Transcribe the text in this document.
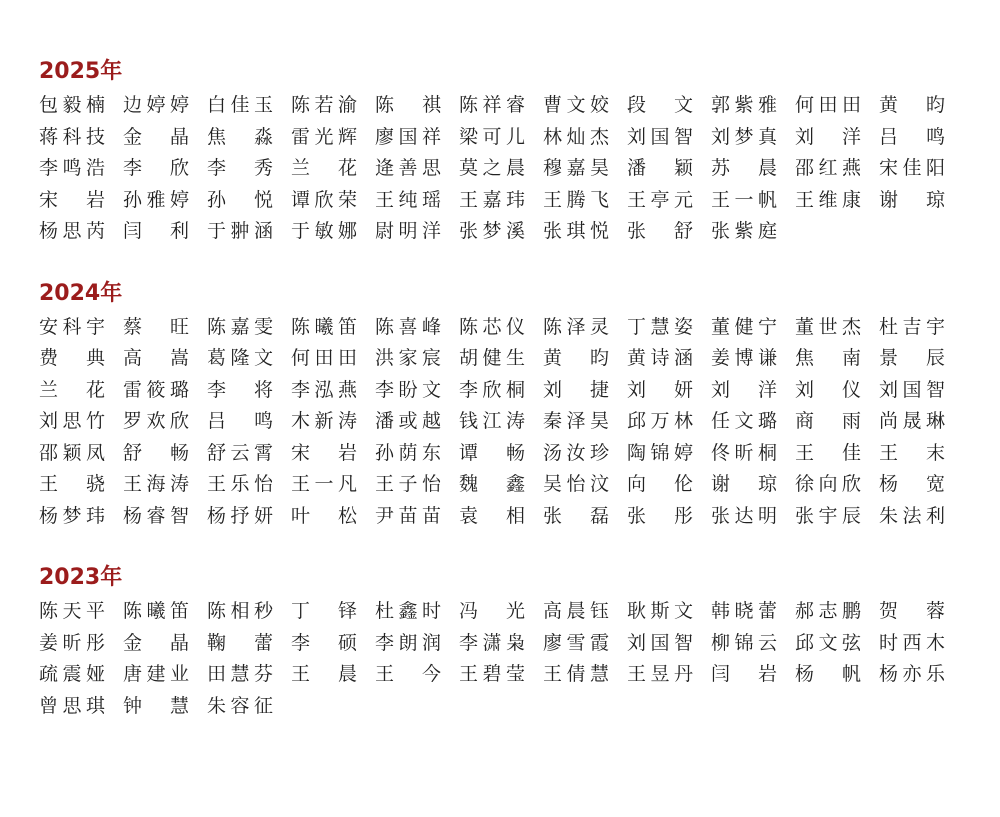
2025年
包毅楠 边婷婷 白佳玉 陈若渝 陈 祺 陈祥睿 曹文姣 段 文 郭紫雅 何田田 黄 昀
蒋科技 金 晶 焦 淼 雷光辉 廖国祥 梁可儿 林灿杰 刘国智 刘梦真 刘 洋 吕 鸣
李鸣浩 李 欣 李 秀 兰 花 逄善思 莫之晨 穆嘉昊 潘 颖 苏 晨 邵红燕 宋佳阳
宋 岩 孙雅婷 孙 悦 谭欣荣 王纯瑶 王嘉玮 王腾飞 王亭元 王一帆 王维康 谢 琼
杨思芮 闫 利 于翀涵 于敏娜 尉明洋 张梦溪 张琪悦 张 舒 张紫庭
2024年
安科宇 蔡 旺 陈嘉雯 陈曦笛 陈喜峰 陈芯仪 陈泽灵 丁慧姿 董健宁 董世杰 杜吉宇
费 典 高 嵩 葛隆文 何田田 洪家宸 胡健生 黄 昀 黄诗涵 姜博谦 焦 南 景 辰
兰 花 雷筱璐 李 将 李泓燕 李盼文 李欣桐 刘 捷 刘 妍 刘 洋 刘 仪 刘国智
刘思竹 罗欢欣 吕 鸣 木新涛 潘或越 钱江涛 秦泽昊 邱万林 任文璐 商 雨 尚晟琳
邵颖凤 舒 畅 舒云霄 宋 岩 孙荫东 谭 畅 汤汝珍 陶锦婷 佟昕桐 王 佳 王 末
王 骁 王海涛 王乐怡 王一凡 王子怡 魏 鑫 吴怡汶 向 伦 谢 琼 徐向欣 杨 宽
杨梦玮 杨睿智 杨抒妍 叶 松 尹苗苗 袁 相 张 磊 张 彤 张达明 张宇辰 朱法利
2023年
陈天平 陈曦笛 陈相秒 丁 铎 杜鑫时 冯 光 高晨钰 耿斯文 韩晓蕾 郝志鹏 贺 蓉
姜昕彤 金 晶 鞠 蕾 李 硕 李朗润 李潇枭 廖雪霞 刘国智 柳锦云 邱文弦 时西木
疏震娅 唐建业 田慧芬 王 晨 王 今 王碧莹 王倩慧 王昱丹 闫 岩 杨 帆 杨亦乐
曾思琪 钟 慧 朱容征
